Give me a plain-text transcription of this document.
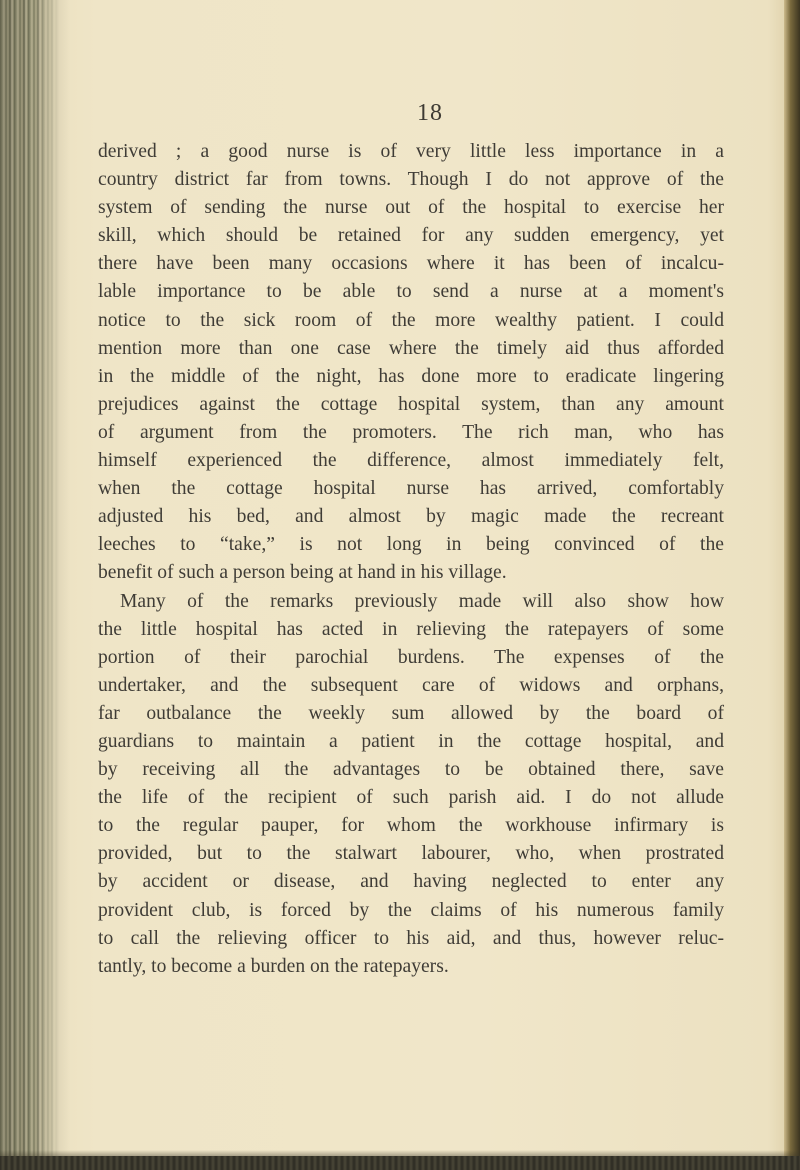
18
derived ; a good nurse is of very little less importance in a
country district far from towns. Though I do not approve of the
system of sending the nurse out of the hospital to exercise her
skill, which should be retained for any sudden emergency, yet
there have been many occasions where it has been of incalcu-
lable importance to be able to send a nurse at a moment's
notice to the sick room of the more wealthy patient. I could
mention more than one case where the timely aid thus afforded
in the middle of the night, has done more to eradicate lingering
prejudices against the cottage hospital system, than any amount
of argument from the promoters. The rich man, who has
himself experienced the difference, almost immediately felt,
when the cottage hospital nurse has arrived, comfortably
adjusted his bed, and almost by magic made the recreant
leeches to “take,” is not long in being convinced of the
benefit of such a person being at hand in his village.
Many of the remarks previously made will also show how
the little hospital has acted in relieving the ratepayers of some
portion of their parochial burdens. The expenses of the
undertaker, and the subsequent care of widows and orphans,
far outbalance the weekly sum allowed by the board of
guardians to maintain a patient in the cottage hospital, and
by receiving all the advantages to be obtained there, save
the life of the recipient of such parish aid. I do not allude
to the regular pauper, for whom the workhouse infirmary is
provided, but to the stalwart labourer, who, when prostrated
by accident or disease, and having neglected to enter any
provident club, is forced by the claims of his numerous family
to call the relieving officer to his aid, and thus, however reluc-
tantly, to become a burden on the ratepayers.
